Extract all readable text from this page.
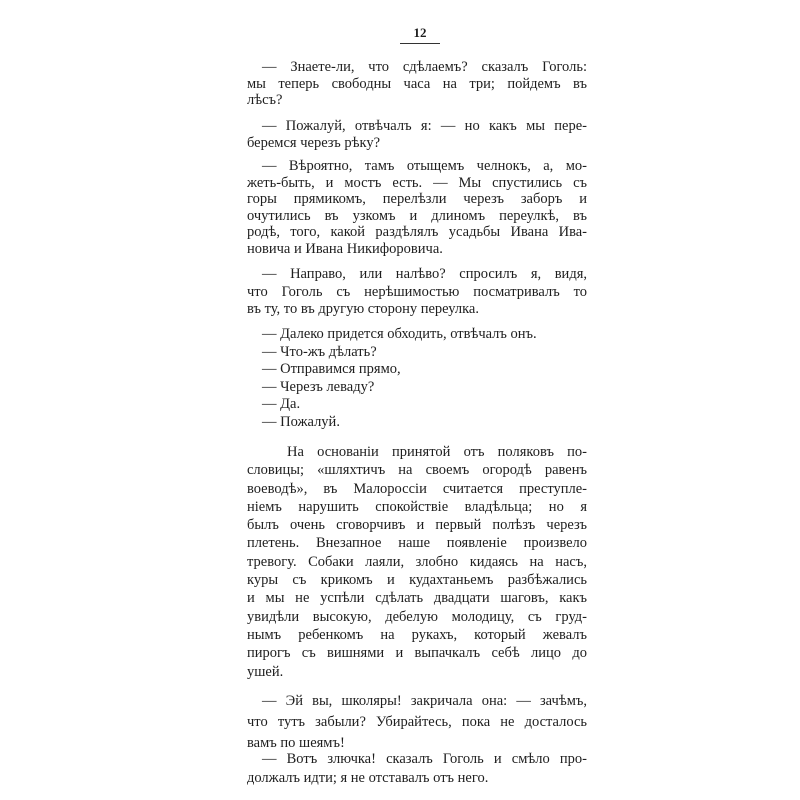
12
— Знаете-ли, что сдѣлаемъ? сказалъ Гоголь:
мы теперь свободны часа на три; пойдемъ въ
лѣсъ?
— Пожалуй, отвѣчалъ я: — но какъ мы пере-
беремся черезъ рѣку?
— Вѣроятно, тамъ отыщемъ челнокъ, а, мо-
жеть-быть, и мостъ есть. — Мы спустились съ
горы прямикомъ, перелѣзли черезъ заборъ и
очутились въ узкомъ и длиномъ переулкѣ, въ
родѣ, того, какой раздѣлялъ усадьбы Ивана Ива-
новича и Ивана Никифоровича.
— Направо, или налѣво? спросилъ я, видя,
что Гоголь съ нерѣшимостью посматривалъ то
въ ту, то въ другую сторону переулка.
— Далеко придется обходить, отвѣчалъ онъ.
— Что-жъ дѣлать?
— Отправимся прямо,
— Черезъ леваду?
— Да.
— Пожалуй.
На основанiи принятой отъ поляковъ по-
словицы; «шляхтичъ на своемъ огородѣ равенъ
воеводѣ», въ Малороссiи считается преступле-
нiемъ нарушить спокойствiе владѣльца; но я
былъ очень сговорчивъ и первый полѣзъ черезъ
плетень. Внезапное наше появленiе произвело
тревогу. Собаки лаяли, злобно кидаясь на насъ,
куры съ крикомъ и кудахтаньемъ разбѣжались
и мы не успѣли сдѣлать двадцати шаговъ, какъ
увидѣли высокую, дебелую молодицу, съ груд-
нымъ ребенкомъ на рукахъ, который жевалъ
пирогъ съ вишнями и выпачкалъ себѣ лицо до
ушей.
— Эй вы, школяры! закричала она: — зачѣмъ,
что тутъ забыли? Убирайтесь, пока не досталось
вамъ по шеямъ!
— Вотъ злючка! сказалъ Гоголь и смѣло про-
должалъ идти; я не отставалъ отъ него.
